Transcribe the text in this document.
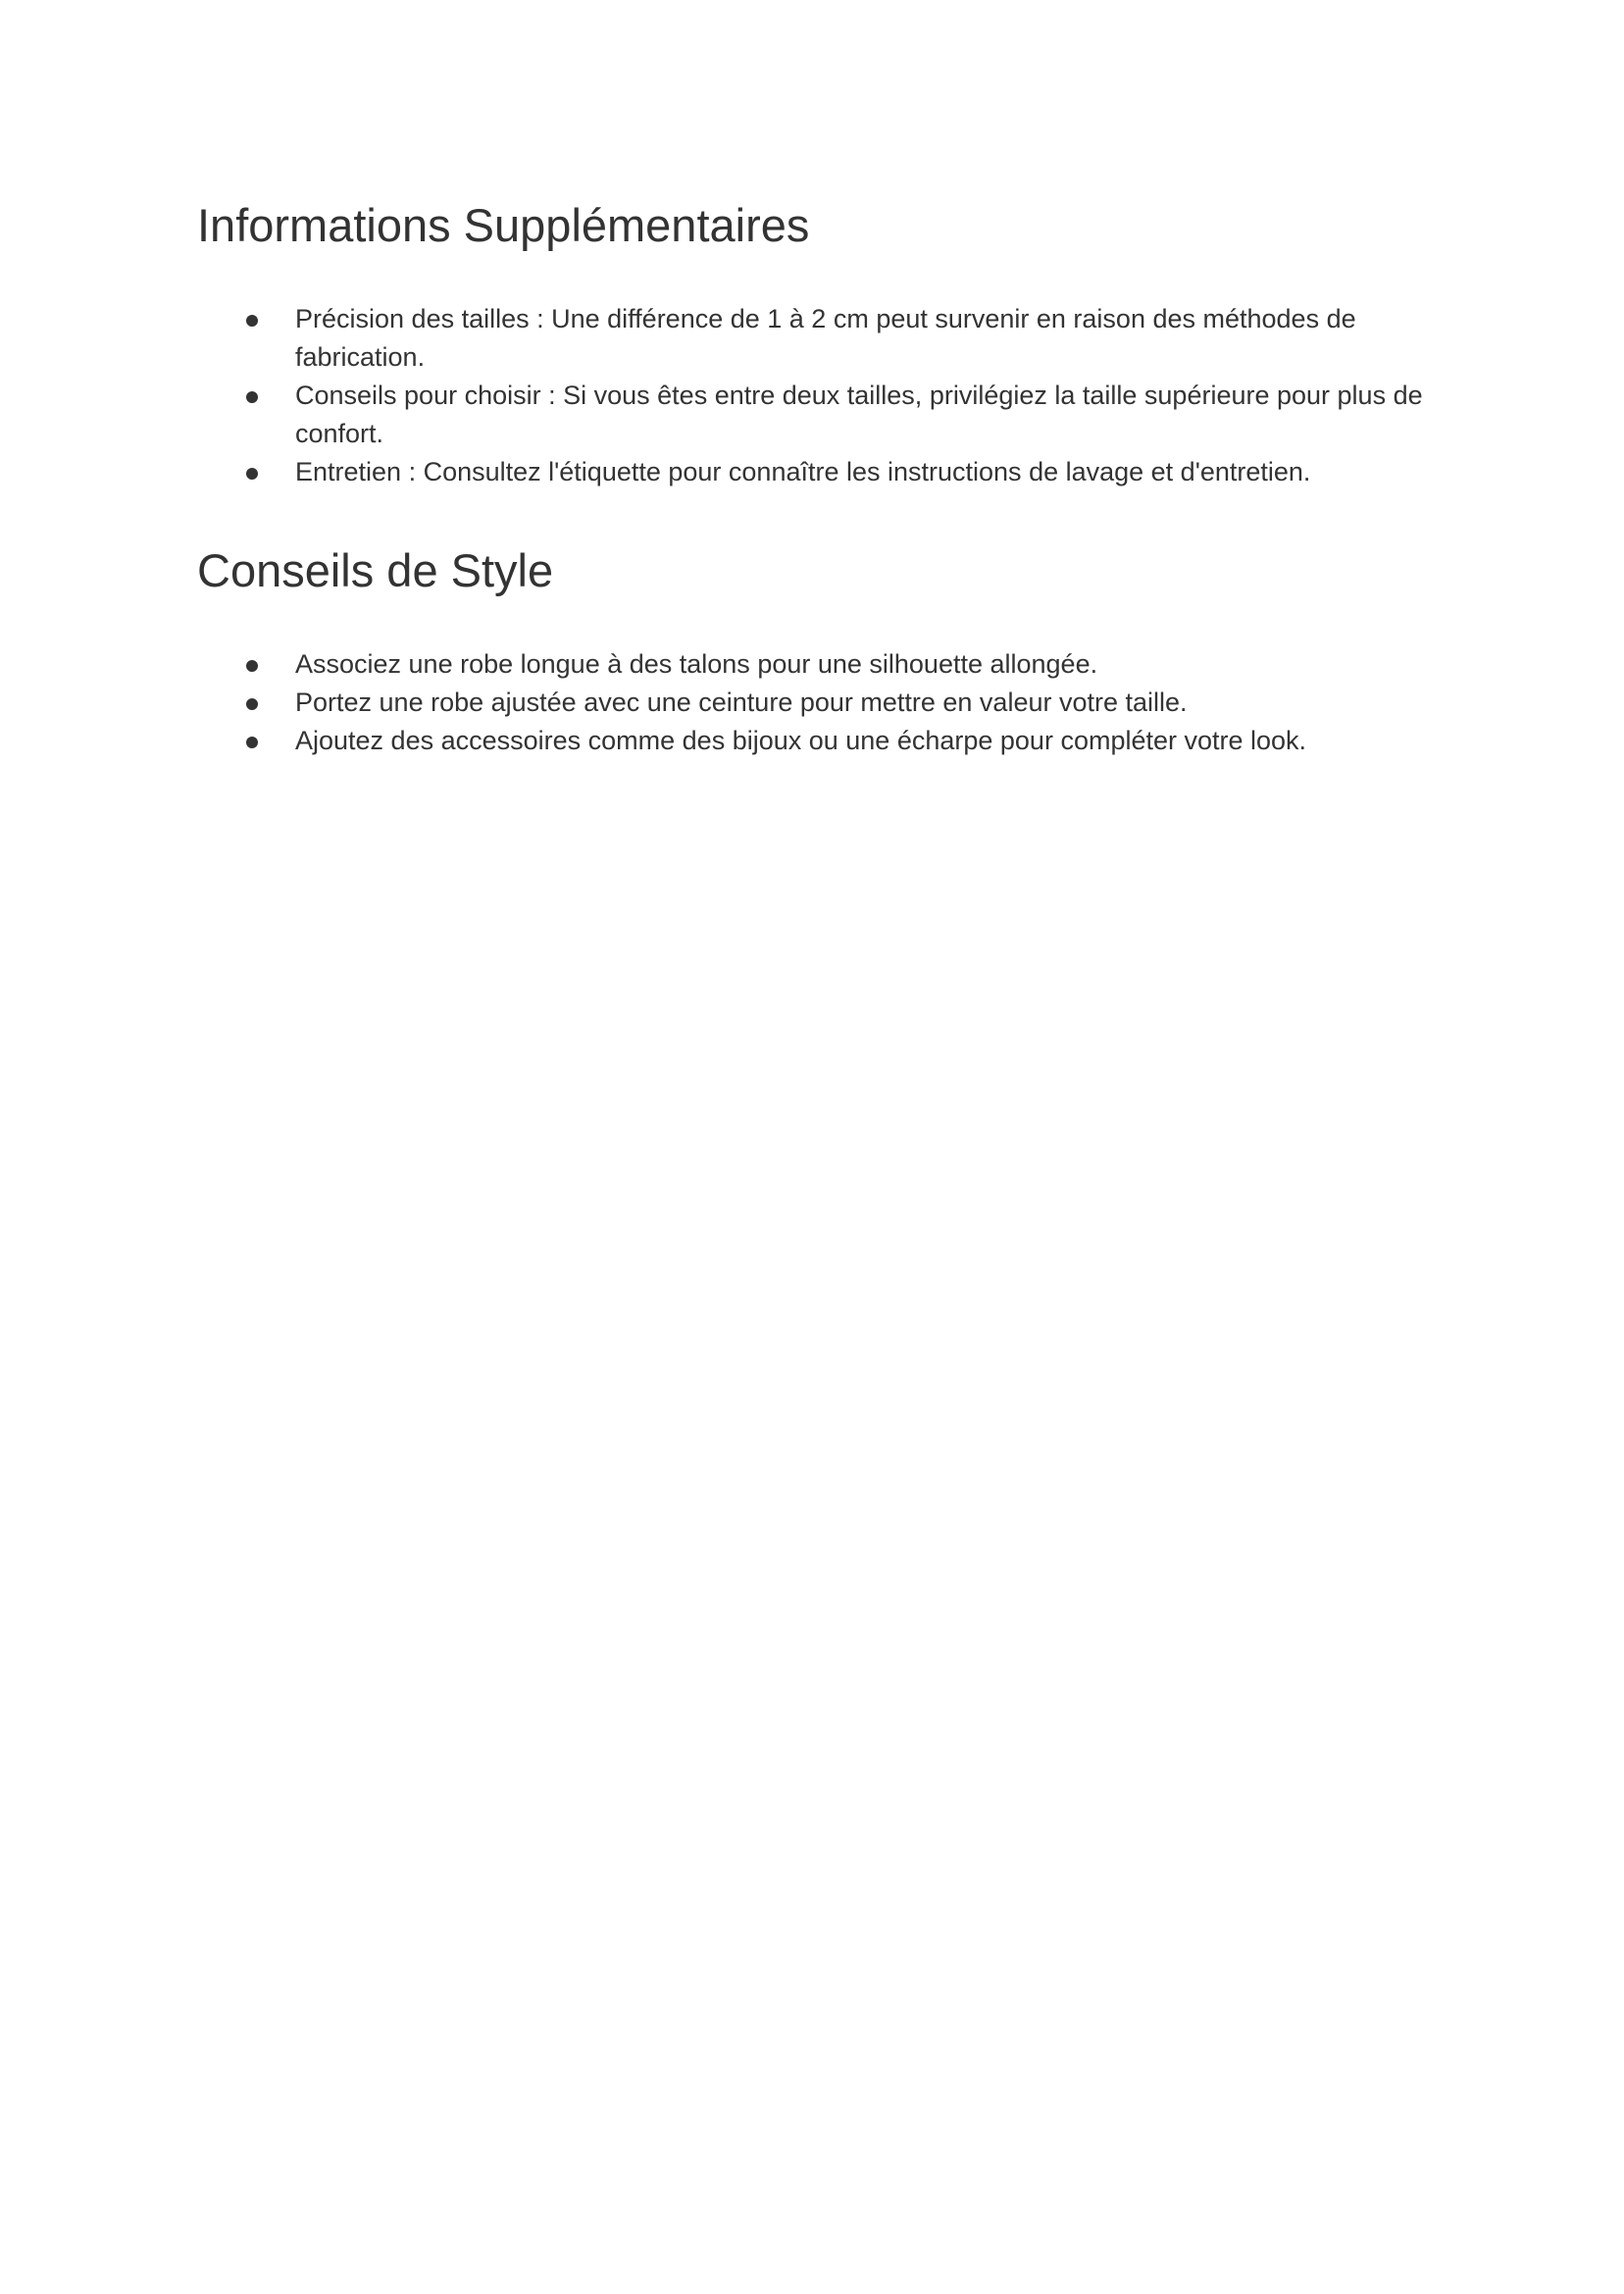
Informations Supplémentaires
Précision des tailles : Une différence de 1 à 2 cm peut survenir en raison des méthodes de fabrication.
Conseils pour choisir : Si vous êtes entre deux tailles, privilégiez la taille supérieure pour plus de confort.
Entretien : Consultez l'étiquette pour connaître les instructions de lavage et d'entretien.
Conseils de Style
Associez une robe longue à des talons pour une silhouette allongée.
Portez une robe ajustée avec une ceinture pour mettre en valeur votre taille.
Ajoutez des accessoires comme des bijoux ou une écharpe pour compléter votre look.
